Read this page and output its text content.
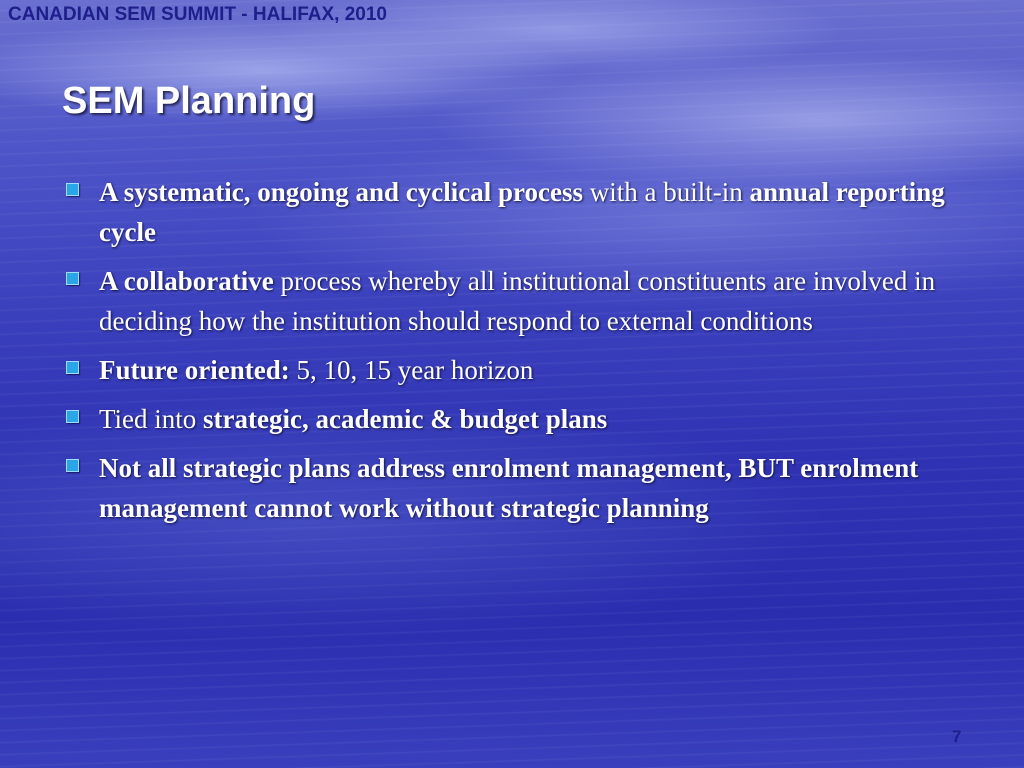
CANADIAN SEM SUMMIT - HALIFAX, 2010
SEM Planning
A systematic, ongoing and cyclical process with a built-in annual reporting cycle
A collaborative process whereby all institutional constituents are involved in deciding how the institution should respond to external conditions
Future oriented: 5, 10, 15 year horizon
Tied into strategic, academic & budget plans
Not all strategic plans address enrolment management, BUT enrolment management cannot work without strategic planning
7
